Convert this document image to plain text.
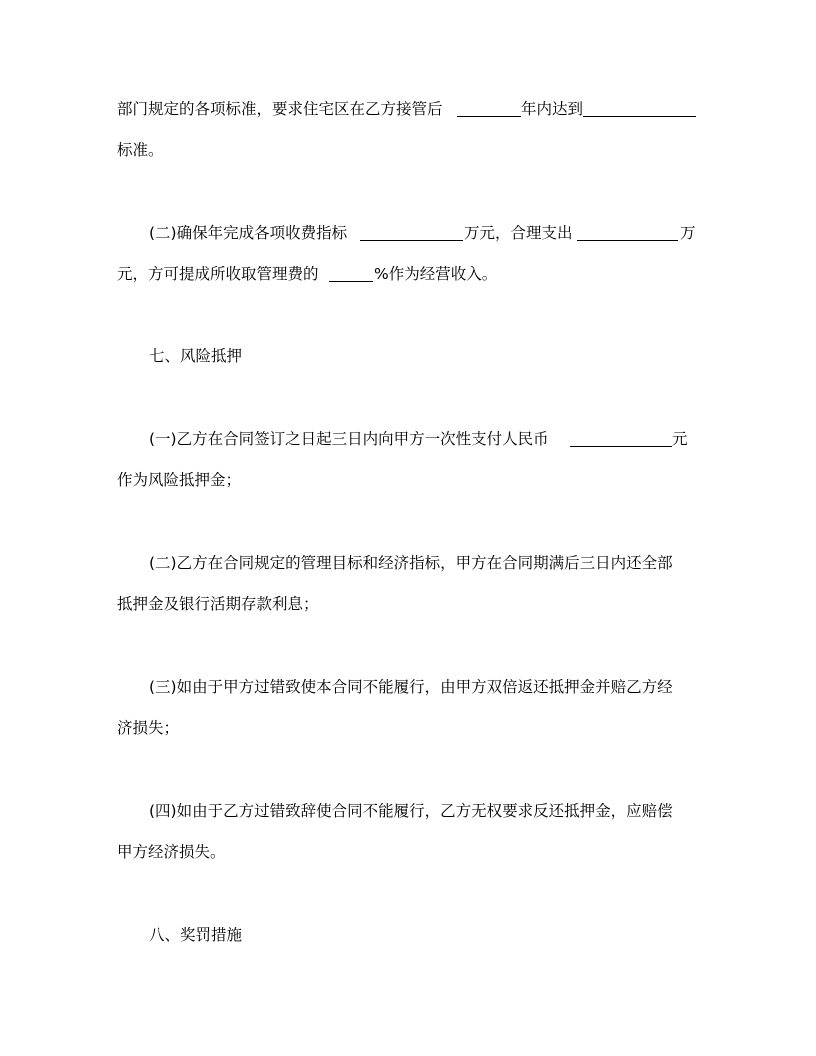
部门规定的各项标准，要求住宅区在乙方接管后	年内达到
标准。
(二)确保年完成各项收费指标	万元，合理支出	万
元，方可提成所收取管理费的	%作为经营收入。
七、风险抵押
(一)乙方在合同签订之日起三日内向甲方一次性支付人民币	元
作为风险抵押金；
(二)乙方在合同规定的管理目标和经济指标，甲方在合同期满后三日内还全部
抵押金及银行活期存款利息；
(三)如由于甲方过错致使本合同不能履行，由甲方双倍返还抵押金并赔乙方经
济损失；
(四)如由于乙方过错致辞使合同不能履行，乙方无权要求反还抵押金，应赔偿
甲方经济损失。
八、奖罚措施
